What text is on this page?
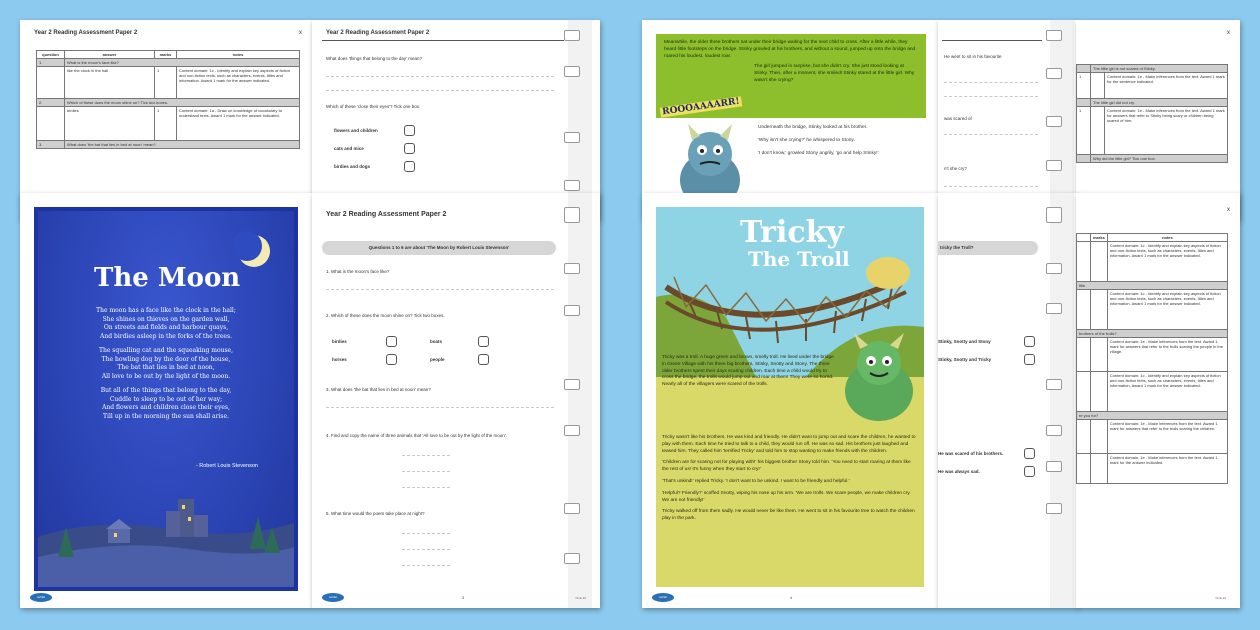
Year 2 Reading Assessment Paper 2	x
question	answer	marks	notes
1.	What is the moon's face like?		
	like the clock in the hall	1	Content domain: 1c - Identify and explain key aspects of fiction and non-fiction texts, such as characters, events, titles and information. Award 1 mark for the answer indicated.
2.	Which of these does the moon shine on? Tick two boxes.		
	birdies	1	Content domain: 1a - Draw on knowledge of vocabulary to understand texts. Award 1 mark for the answer indicated.
3.	What does 'the bat that lies in bed at noon' mean?		
Year 2 Reading Assessment Paper 2
What does 'things that belong to the day' mean?
Which of these 'close their eyes'? Tick one box.
flowers and children
cats and mice
birdies and dogs
The Moon
The moon has a face like the clock in the hall;
She shines on thieves on the garden wall,
On streets and fields and harbour quays,
And birdies asleep in the forks of the trees.
The squalling cat and the squeaking mouse,
The howling dog by the door of the house,
The bat that lies in bed at noon,
All love to be out by the light of the moon.
But all of the things that belong to the day,
Cuddle to sleep to be out of her way;
And flowers and children close their eyes,
Till up in the morning the sun shall arise.
- Robert Louis Stevenson
twinkl
Year 2 Reading Assessment Paper 2
Questions 1 to 6 are about 'The Moon by Robert Louis Stevenson'
1. What is the moon's face like?
2. Which of these does the moon shine on? Tick two boxes.
birdies	boats
horses	people
3. What does 'the bat that lies in bed at noon' mean?
4. Find and copy the name of three animals that 'All love to be out by the light of the moon'.
5. What time would the poem take place at night?
twinkl	3	T2-E-10

Meanwhile, the older three brothers sat under their bridge waiting for the next child to cross. After a little while, they heard little footsteps on the bridge. Stinky growled at his brothers, and without a sound, jumped up onto the bridge and roared his loudest, loudest roar.

The girl jumped in surprise, but she didn't cry. She just stood looking at Stinky. Then, after a moment, she smiled! Stinky stared at the little girl. Why wasn't she crying?

ROOOAAAARR!

Underneath the bridge, Stinky looked at his brother.

'Why isn't she crying?' he whispered to Stony.

'I don't know,' growled Stony angrily, 'go and help Stinky!'

He went to sit in his favourite
was scared of
n't she cry?
x
	The little girl is not scared of Stinky.	
1		Content domain: 1e - Make inferences from the text. Award 1 mark for the sentence indicated.
	The little girl did not cry.	
1		Content domain: 1e - Make inferences from the text. Award 1 mark for answers that refer to Stinky being scary or children being scared of him.
	Why did the little girl? Tick one box.	
Tricky
The Troll
Tricky was a troll. A huge green and brown, smelly troll. He lived under the bridge in Green Village with his three big brothers, Stinky, Snotty and Stony. The three older brothers spent their days scaring children. Each time a child would try to cross the bridge, the trolls would jump out and roar at them! They were so horrid. Nearly all of the villagers were scared of the trolls.

Tricky wasn't like his brothers. He was kind and friendly. He didn't want to jump out and scare the children, he wanted to play with them. Each time he tried to talk to a child, they would run off. He was so sad. His brothers just laughed and teased him. They called him 'terrified Tricky' and told him to stop wanting to make friends with the children.

'Children are for scaring not for playing with!' his biggest brother Stony told him. 'You need to start roaring at them like the rest of us! It's funny when they start to cry!'

'That's unkind!' replied Tricky. 'I don't want to be unkind. I want to be friendly and helpful.'

'Helpful? Friendly?' scoffed Snotty, wiping his nose up his arm. 'We are trolls. We scare people, we make children cry. We are not friendly!'

Tricky walked off from them sadly. He would never be like them. He went to sit in his favourite tree to watch the children play in the park.

twinkl	4
tricky the Troll?
Stinky, Snotty and Stony
Stinky, Snotty and Tricky
He was scared of his brothers.
He was always sad.
x
	marks	notes
		Content domain: 1c - Identify and explain key aspects of fiction and non-fiction texts, such as characters, events, titles and information. Award 1 mark for the answer indicated.
title		
		Content domain: 1c - Identify and explain key aspects of fiction and non-fiction texts, such as characters, events, titles and information. Award 1 mark for the answer indicated.
brothers of the trolls?		
		Content domain: 1e - Make inferences from the text. Award 1 mark for answers that refer to the trolls scaring the people in the village.
		Content domain: 1c - Identify and explain key aspects of fiction and non-fiction texts, such as characters, events, titles and information. Award 1 mark for the answer indicated.
re you for?		
		Content domain: 1e - Make inferences from the text. Award 1 mark for answers that refer to the trolls scaring the children.
		Content domain: 1e - Make inferences from the text. Award 1 mark for the answer indicated.
T2-E-10
